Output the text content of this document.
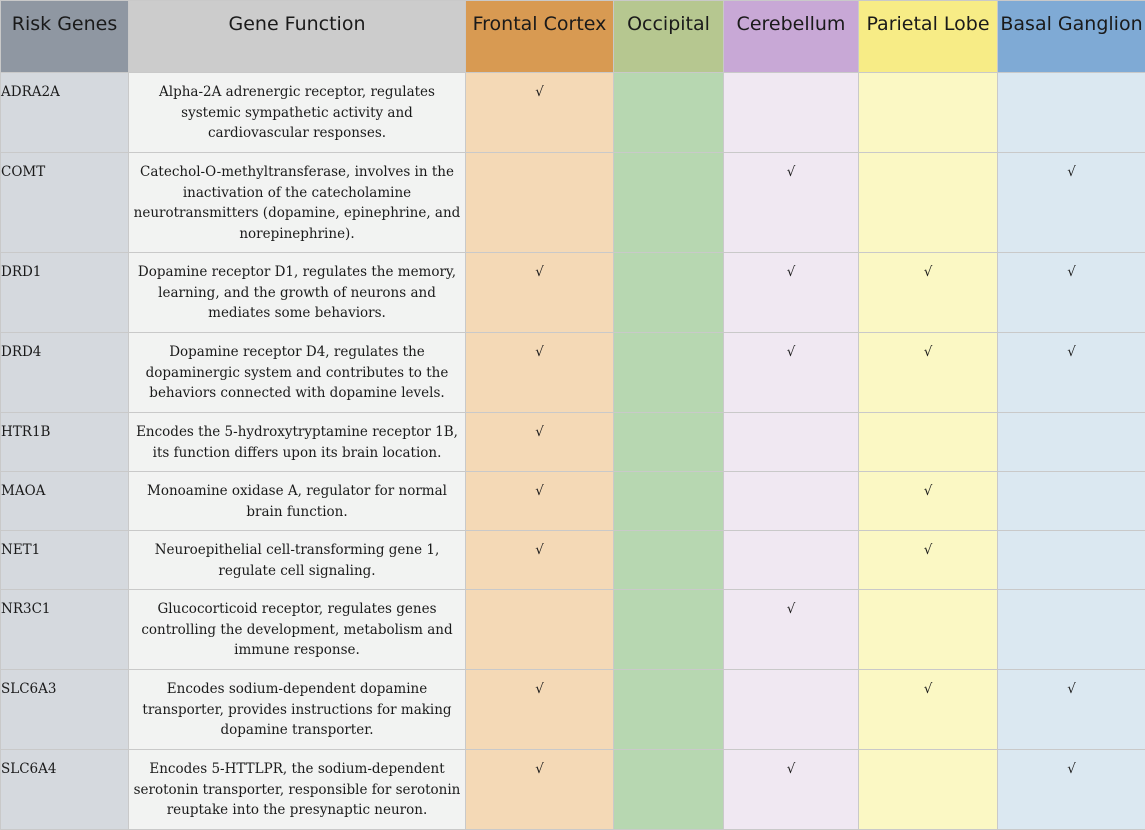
Risk Genes	Gene Function	Frontal Cortex	Occipital	Cerebellum	Parietal Lobe	Basal Ganglion
ADRA2A	Alpha-2A adrenergic receptor, regulates systemic sympathetic activity and cardiovascular responses.	√				
COMT	Catechol-O-methyltransferase, involves in the inactivation of the catecholamine neurotransmitters (dopamine, epinephrine, and norepinephrine).			√		√
DRD1	Dopamine receptor D1, regulates the memory, learning, and the growth of neurons and mediates some behaviors.	√		√	√	√
DRD4	Dopamine receptor D4, regulates the dopaminergic system and contributes to the behaviors connected with dopamine levels.	√		√	√	√
HTR1B	Encodes the 5-hydroxytryptamine receptor 1B, its function differs upon its brain location.	√				
MAOA	Monoamine oxidase A, regulator for normal brain function.	√			√	
NET1	Neuroepithelial cell-transforming gene 1, regulate cell signaling.	√			√	
NR3C1	Glucocorticoid receptor, regulates genes controlling the development, metabolism and immune response.			√		
SLC6A3	Encodes sodium-dependent dopamine transporter, provides instructions for making dopamine transporter.	√			√	√
SLC6A4	Encodes 5-HTTLPR, the sodium-dependent serotonin transporter, responsible for serotonin reuptake into the presynaptic neuron.	√		√		√
